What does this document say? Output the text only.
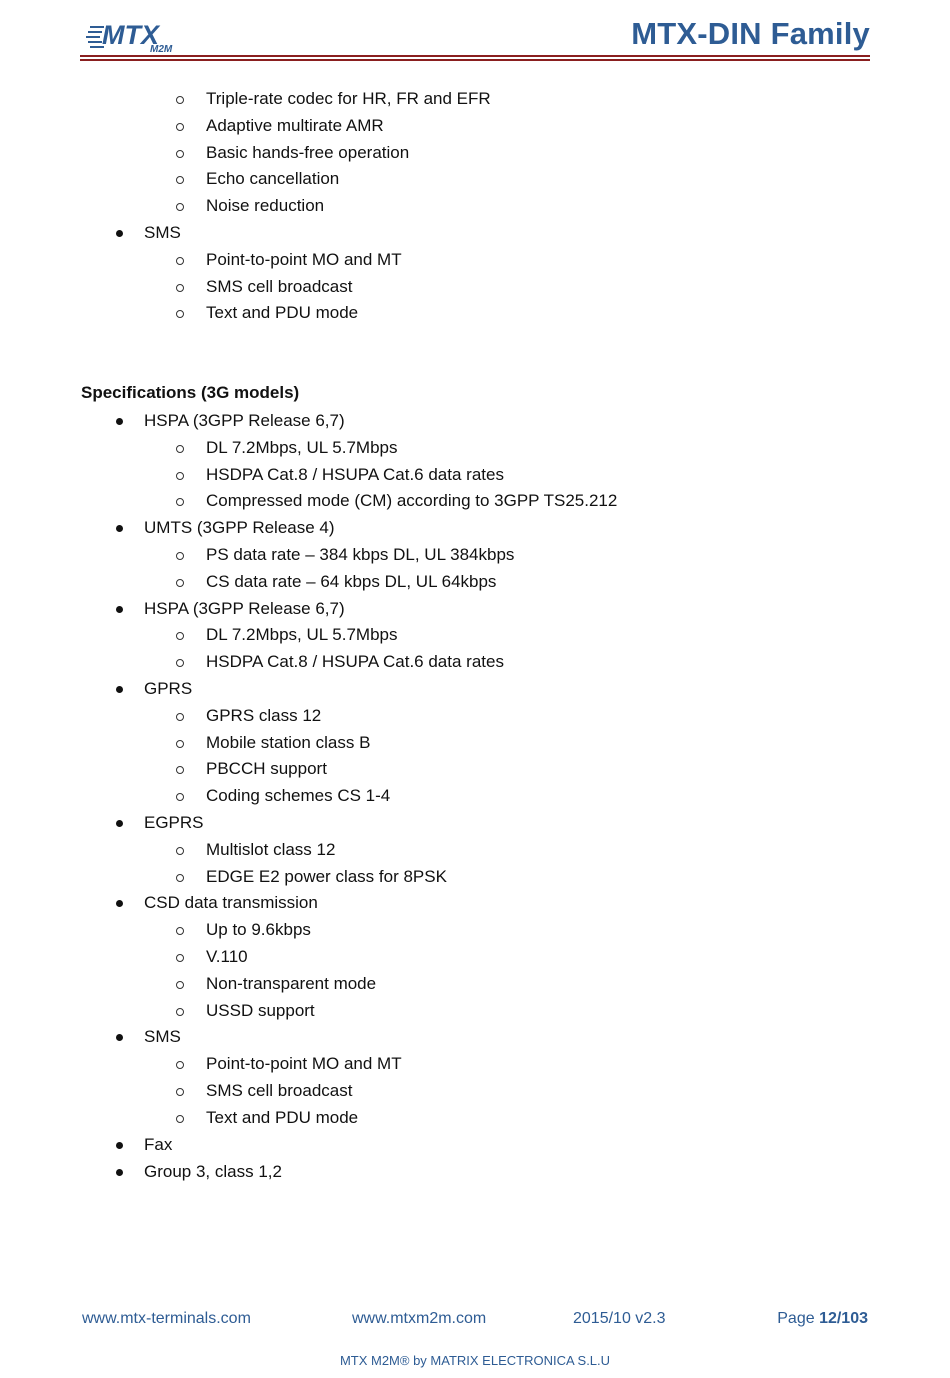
MTX
M2M	MTX-DIN Family
Triple-rate codec for HR, FR and EFR
Adaptive multirate AMR
Basic hands-free operation
Echo cancellation
Noise reduction
SMS
Point-to-point MO and MT
SMS cell broadcast
Text and PDU mode
Specifications (3G models)
HSPA (3GPP Release 6,7)
DL 7.2Mbps, UL 5.7Mbps
HSDPA Cat.8 / HSUPA Cat.6 data rates
Compressed mode (CM) according to 3GPP TS25.212
UMTS (3GPP Release 4)
PS data rate – 384 kbps DL, UL 384kbps
CS data rate – 64 kbps DL, UL 64kbps
HSPA (3GPP Release 6,7)
DL 7.2Mbps, UL 5.7Mbps
HSDPA Cat.8 / HSUPA Cat.6 data rates
GPRS
GPRS class 12
Mobile station class B
PBCCH support
Coding schemes CS 1-4
EGPRS
Multislot class 12
EDGE E2 power class for 8PSK
CSD data transmission
Up to 9.6kbps
V.110
Non-transparent mode
USSD support
SMS
Point-to-point MO and MT
SMS cell broadcast
Text and PDU mode
Fax
Group 3, class 1,2
www.mtx-terminals.com	www.mtxm2m.com	2015/10 v2.3	Page 12/103
MTX M2M® by MATRIX ELECTRONICA S.L.U
